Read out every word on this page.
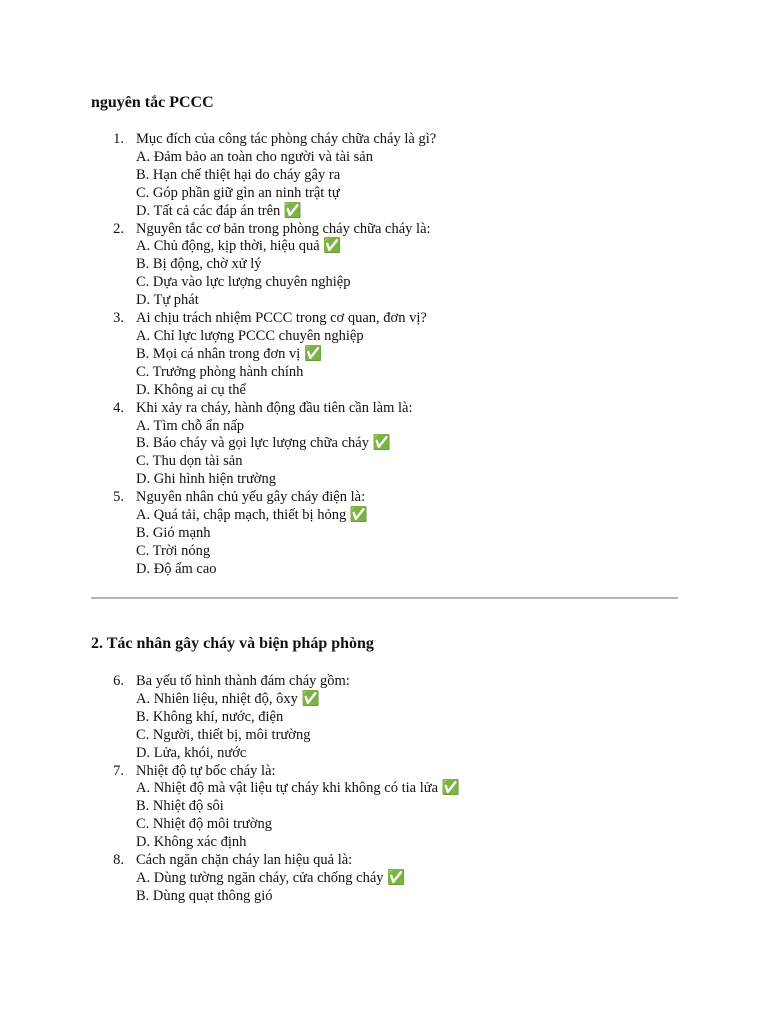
nguyên tắc PCCC
1. Mục đích của công tác phòng cháy chữa cháy là gì?
A. Đảm bảo an toàn cho người và tài sản
B. Hạn chế thiệt hại do cháy gây ra
C. Góp phần giữ gìn an ninh trật tự
D. Tất cả các đáp án trên ✅
2. Nguyên tắc cơ bản trong phòng cháy chữa cháy là:
A. Chủ động, kịp thời, hiệu quả ✅
B. Bị động, chờ xử lý
C. Dựa vào lực lượng chuyên nghiệp
D. Tự phát
3. Ai chịu trách nhiệm PCCC trong cơ quan, đơn vị?
A. Chỉ lực lượng PCCC chuyên nghiệp
B. Mọi cá nhân trong đơn vị ✅
C. Trưởng phòng hành chính
D. Không ai cụ thể
4. Khi xảy ra cháy, hành động đầu tiên cần làm là:
A. Tìm chỗ ẩn nấp
B. Báo cháy và gọi lực lượng chữa cháy ✅
C. Thu dọn tài sản
D. Ghi hình hiện trường
5. Nguyên nhân chủ yếu gây cháy điện là:
A. Quá tải, chập mạch, thiết bị hỏng ✅
B. Gió mạnh
C. Trời nóng
D. Độ ẩm cao
2. Tác nhân gây cháy và biện pháp phòng
6. Ba yếu tố hình thành đám cháy gồm:
A. Nhiên liệu, nhiệt độ, ôxy ✅
B. Không khí, nước, điện
C. Người, thiết bị, môi trường
D. Lửa, khói, nước
7. Nhiệt độ tự bốc cháy là:
A. Nhiệt độ mà vật liệu tự cháy khi không có tia lửa ✅
B. Nhiệt độ sôi
C. Nhiệt độ môi trường
D. Không xác định
8. Cách ngăn chặn cháy lan hiệu quả là:
A. Dùng tường ngăn cháy, cửa chống cháy ✅
B. Dùng quạt thông gió
